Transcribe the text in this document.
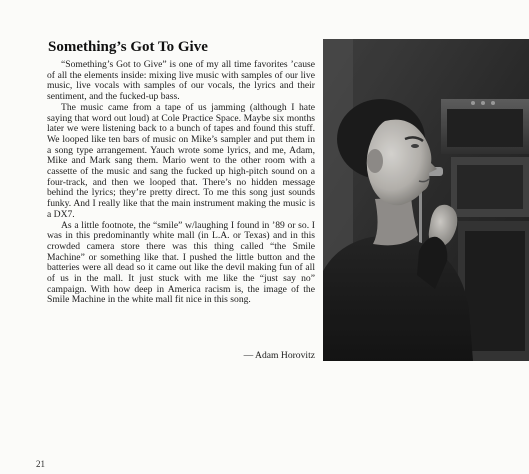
Something’s Got To Give

“Something’s Got to Give” is one of my all time favorites ’cause of all the elements inside: mixing live music with samples of our live music, live vocals with samples of our vocals, the lyrics and their sentiment, and the fucked-up bass.

The music came from a tape of us jamming (although I hate saying that word out loud) at Cole Practice Space. Maybe six months later we were listening back to a bunch of tapes and found this stuff. We looped like ten bars of music on Mike’s sampler and put them in a song type arrangement. Yauch wrote some lyrics, and me, Adam, Mike and Mark sang them. Mario went to the other room with a cassette of the music and sang the fucked up high-pitch sound on a four-track, and then we looped that. There’s no hidden message behind the lyrics; they’re pretty direct. To me this song just sounds funky. And I really like that the main instrument making the music is a DX7.

As a little footnote, the “smile” w/laughing I found in ’89 or so. I was in this predominantly white mall (in L.A. or Texas) and in this crowded camera store there was this thing called “the Smile Machine” or something like that. I pushed the little button and the batteries were all dead so it came out like the devil making fun of all of us in the mall. It just stuck with me like the “just say no” campaign. With how deep in America racism is, the image of the Smile Machine in the white mall fit nice in this song.

— Adam Horovitz
21
